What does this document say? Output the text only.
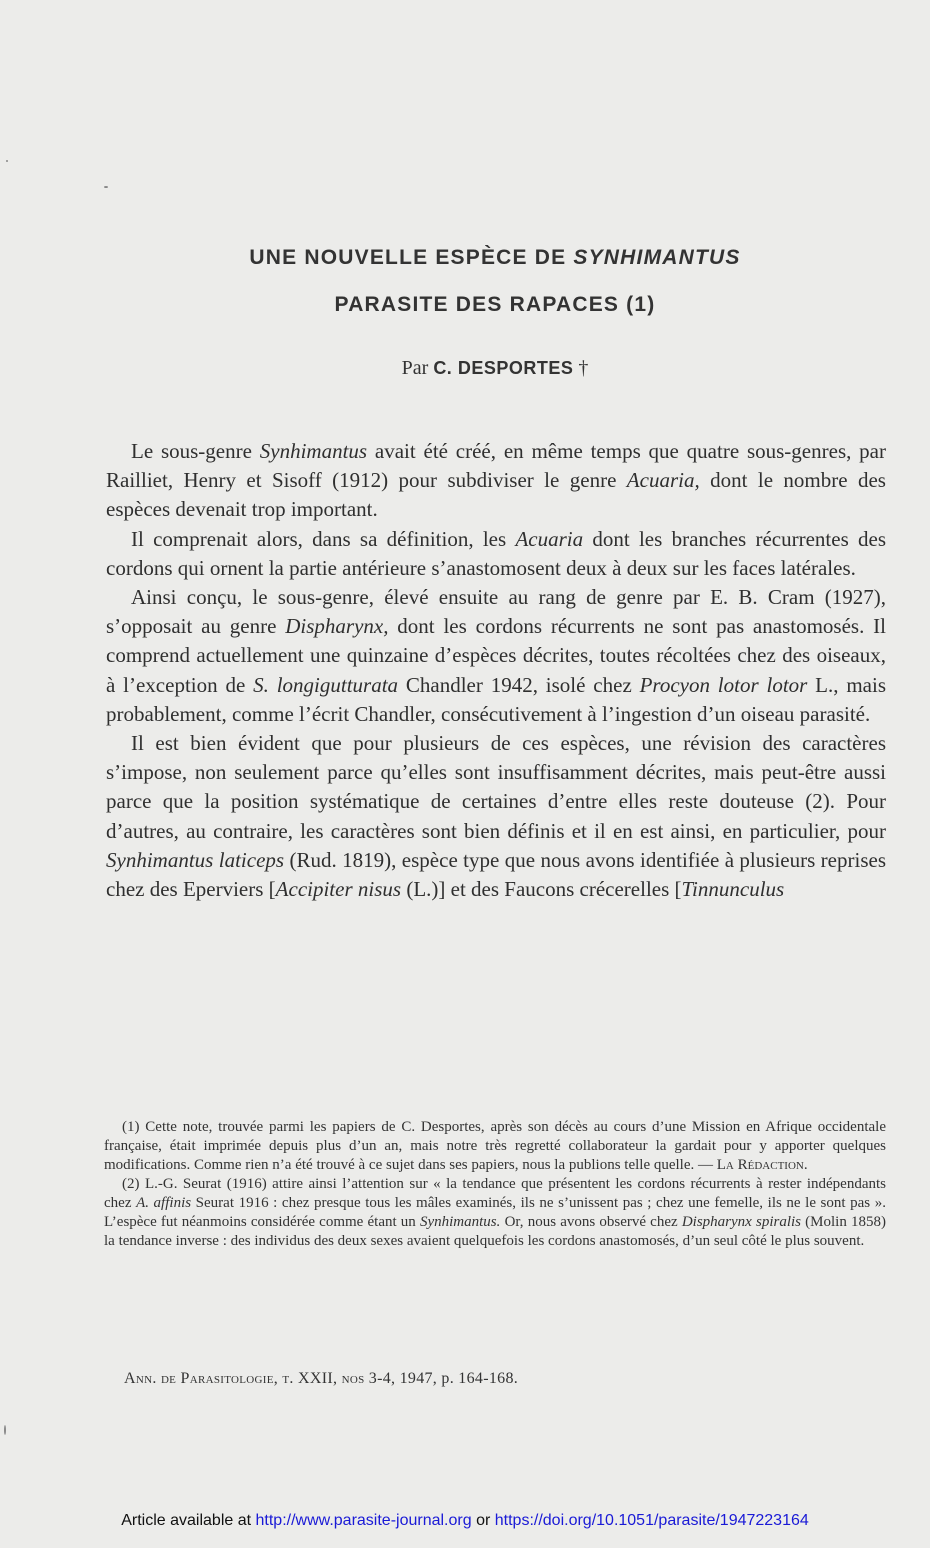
UNE NOUVELLE ESPÈCE DE SYNHIMANTUS
PARASITE DES RAPACES (1)
Par C. DESPORTES †

Le sous-genre Synhimantus avait été créé, en même temps que quatre sous-genres, par Railliet, Henry et Sisoff (1912) pour subdiviser le genre Acuaria, dont le nombre des espèces devenait trop important.

Il comprenait alors, dans sa définition, les Acuaria dont les branches récurrentes des cordons qui ornent la partie antérieure s’anastomosent deux à deux sur les faces latérales.

Ainsi conçu, le sous-genre, élevé ensuite au rang de genre par E. B. Cram (1927), s’opposait au genre Dispharynx, dont les cordons récurrents ne sont pas anastomosés. Il comprend actuellement une quinzaine d’espèces décrites, toutes récoltées chez des oiseaux, à l’exception de S. longigutturata Chandler 1942, isolé chez Procyon lotor lotor L., mais probablement, comme l’écrit Chandler, consécutivement à l’ingestion d’un oiseau parasité.

Il est bien évident que pour plusieurs de ces espèces, une révision des caractères s’impose, non seulement parce qu’elles sont insuffisamment décrites, mais peut-être aussi parce que la position systématique de certaines d’entre elles reste douteuse (2). Pour d’autres, au contraire, les caractères sont bien définis et il en est ainsi, en particulier, pour Synhimantus laticeps (Rud. 1819), espèce type que nous avons identifiée à plusieurs reprises chez des Eperviers [Accipiter nisus (L.)] et des Faucons crécerelles [Tinnunculus

(1) Cette note, trouvée parmi les papiers de C. Desportes, après son décès au cours d’une Mission en Afrique occidentale française, était imprimée depuis plus d’un an, mais notre très regretté collaborateur la gardait pour y apporter quelques modifications. Comme rien n’a été trouvé à ce sujet dans ses papiers, nous la publions telle quelle. — La Rédaction.

(2) L.-G. Seurat (1916) attire ainsi l’attention sur « la tendance que présentent les cordons récurrents à rester indépendants chez A. affinis Seurat 1916 : chez presque tous les mâles examinés, ils ne s’unissent pas ; chez une femelle, ils ne le sont pas ». L’espèce fut néanmoins considérée comme étant un Synhimantus. Or, nous avons observé chez Dispharynx spiralis (Molin 1858) la tendance inverse : des individus des deux sexes avaient quelquefois les cordons anastomosés, d’un seul côté le plus souvent.

Ann. de Parasitologie, t. XXII, nos 3-4, 1947, p. 164-168.
Article available at http://www.parasite-journal.org or https://doi.org/10.1051/parasite/1947223164
